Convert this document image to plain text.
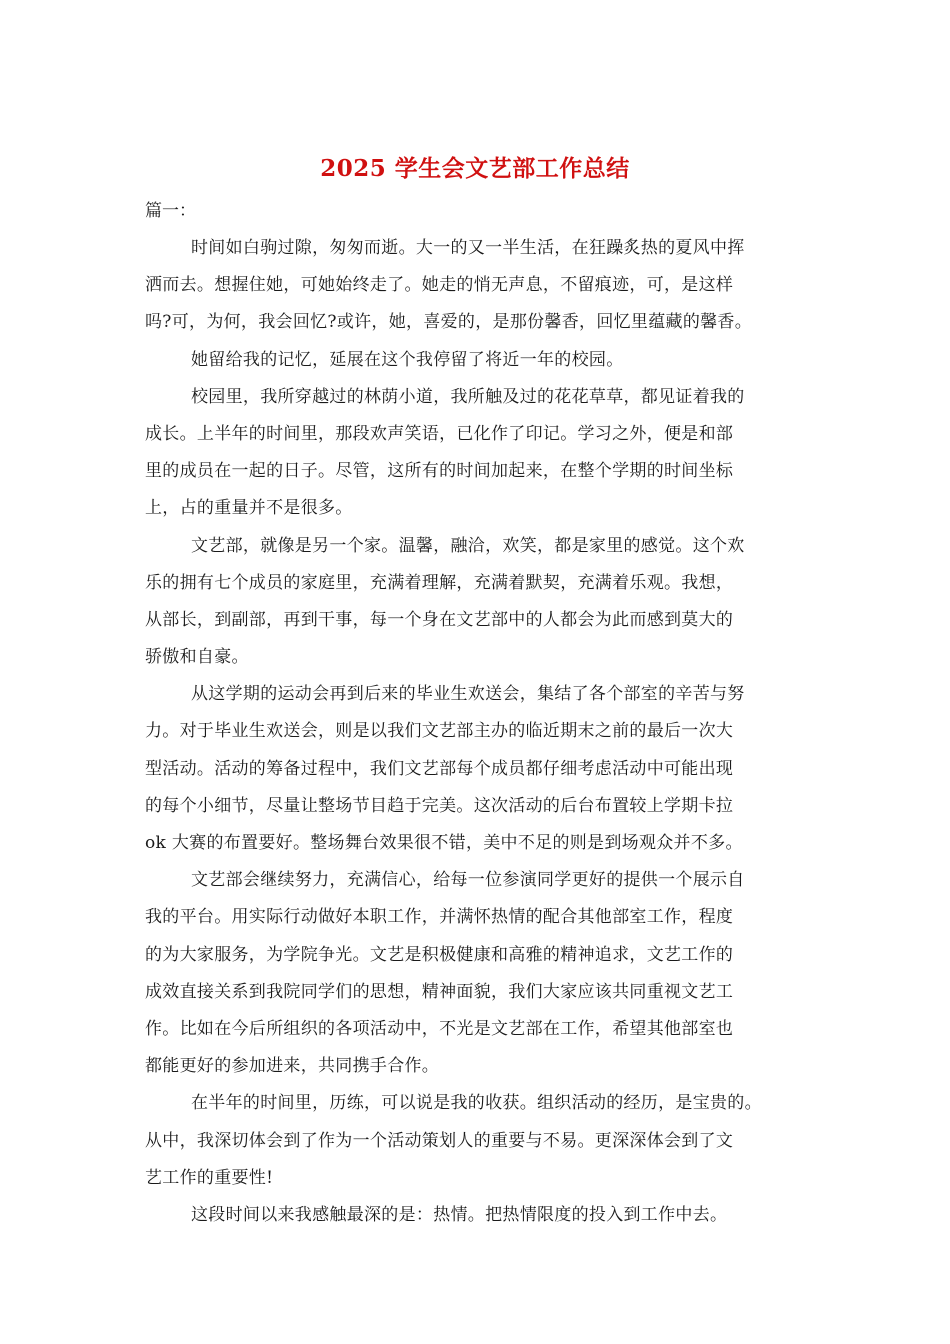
2025 学生会文艺部工作总结
篇一：
时间如白驹过隙，匆匆而逝。大一的又一半生活，在狂躁炙热的夏风中挥
洒而去。想握住她，可她始终走了。她走的悄无声息，不留痕迹，可，是这样
吗?可，为何，我会回忆?或许，她，喜爱的，是那份馨香，回忆里蕴藏的馨香。
她留给我的记忆，延展在这个我停留了将近一年的校园。
校园里，我所穿越过的林荫小道，我所触及过的花花草草，都见证着我的
成长。上半年的时间里，那段欢声笑语，已化作了印记。学习之外，便是和部
里的成员在一起的日子。尽管，这所有的时间加起来，在整个学期的时间坐标
上，占的重量并不是很多。
文艺部，就像是另一个家。温馨，融洽，欢笑，都是家里的感觉。这个欢
乐的拥有七个成员的家庭里，充满着理解，充满着默契，充满着乐观。我想，
从部长，到副部，再到干事，每一个身在文艺部中的人都会为此而感到莫大的
骄傲和自豪。
从这学期的运动会再到后来的毕业生欢送会，集结了各个部室的辛苦与努
力。对于毕业生欢送会，则是以我们文艺部主办的临近期末之前的最后一次大
型活动。活动的筹备过程中，我们文艺部每个成员都仔细考虑活动中可能出现
的每个小细节，尽量让整场节目趋于完美。这次活动的后台布置较上学期卡拉
ok 大赛的布置要好。整场舞台效果很不错，美中不足的则是到场观众并不多。
文艺部会继续努力，充满信心，给每一位参演同学更好的提供一个展示自
我的平台。用实际行动做好本职工作，并满怀热情的配合其他部室工作，程度
的为大家服务，为学院争光。文艺是积极健康和高雅的精神追求，文艺工作的
成效直接关系到我院同学们的思想，精神面貌，我们大家应该共同重视文艺工
作。比如在今后所组织的各项活动中，不光是文艺部在工作，希望其他部室也
都能更好的参加进来，共同携手合作。
在半年的时间里，历练，可以说是我的收获。组织活动的经历，是宝贵的。
从中，我深切体会到了作为一个活动策划人的重要与不易。更深深体会到了文
艺工作的重要性!
这段时间以来我感触最深的是：热情。把热情限度的投入到工作中去。
